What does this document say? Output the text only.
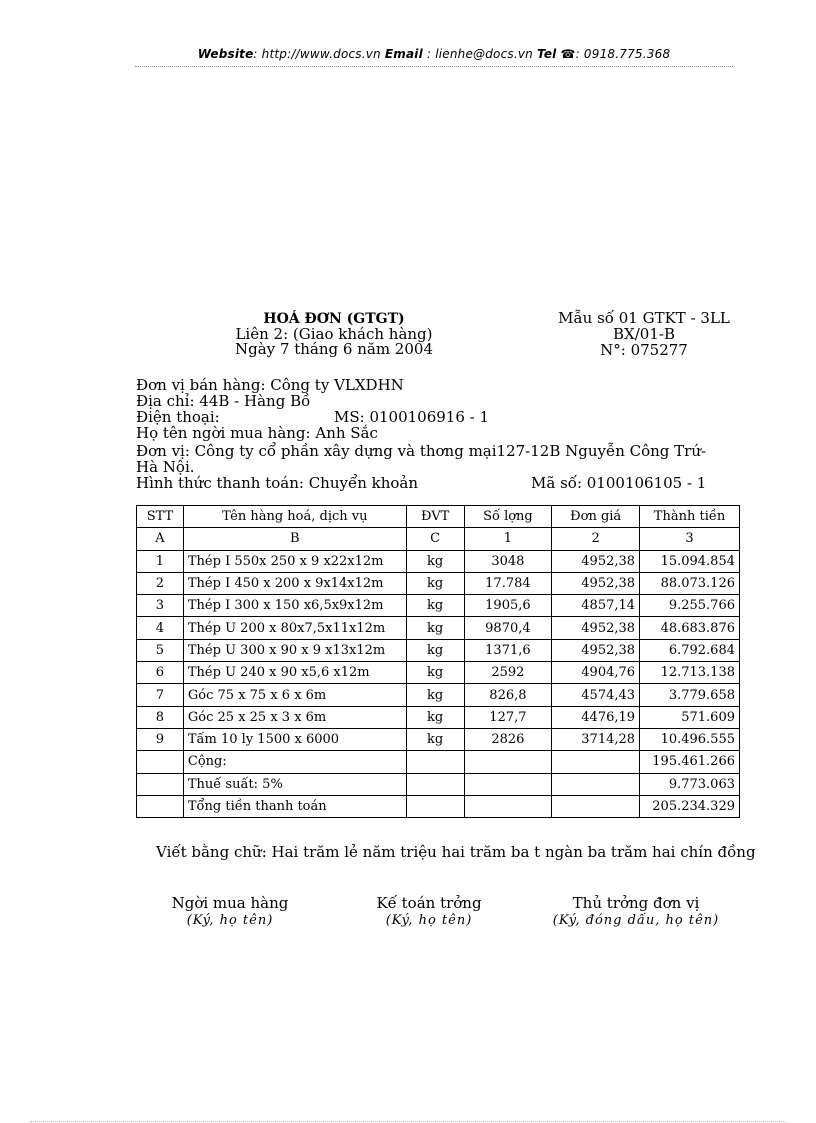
Website: http://www.docs.vn Email : lienhe@docs.vn Tel ☎: 0918.775.368
HOÁ ĐƠN (GTGT)
Liên 2: (Giao khách hàng)
Ngày 7 tháng 6 năm 2004
Mẫu số 01 GTKT - 3LL
BX/01-B
N°: 075277
Đơn vị bán hàng: Công ty VLXDHN
Địa chỉ: 44B - Hàng Bồ
Điện thoại:	MS: 0100106916 - 1
Họ tên ngời mua hàng: Anh Sắc
Đơn vị: Công ty cổ phần xây dựng và thơng mại127-12B Nguyễn Công Trứ-
Hà Nội.
Hình thức thanh toán: Chuyển khoản	Mã số: 0100106105 - 1
STT	Tên hàng hoá, dịch vụ	ĐVT	Số lợng	Đơn giá	Thành tiền
A	B	C	1	2	3
1	Thép I 550x 250 x 9 x22x12m	kg	3048	4952,38	15.094.854
2	Thép I 450 x 200 x 9x14x12m	kg	17.784	4952,38	88.073.126
3	Thép I 300 x 150 x6,5x9x12m	kg	1905,6	4857,14	9.255.766
4	Thép U 200 x 80x7,5x11x12m	kg	9870,4	4952,38	48.683.876
5	Thép U 300 x 90 x 9 x13x12m	kg	1371,6	4952,38	6.792.684
6	Thép U 240 x 90 x5,6 x12m	kg	2592	4904,76	12.713.138
7	Góc 75 x 75 x 6 x 6m	kg	826,8	4574,43	3.779.658
8	Góc 25 x 25 x 3 x 6m	kg	127,7	4476,19	571.609
9	Tấm 10 ly 1500 x 6000	kg	2826	3714,28	10.496.555
	Cộng:				195.461.266
	Thuế suất: 5%				9.773.063
	Tổng tiền thanh toán				205.234.329
Viết bằng chữ: Hai trăm lẻ năm triệu hai trăm ba t ngàn ba trăm hai chín đồng
Ngời mua hàng
(Ký, họ tên)
Kế toán trởng
(Ký, họ tên)
Thủ trởng đơn vị
(Ký, đóng dấu, họ tên)
